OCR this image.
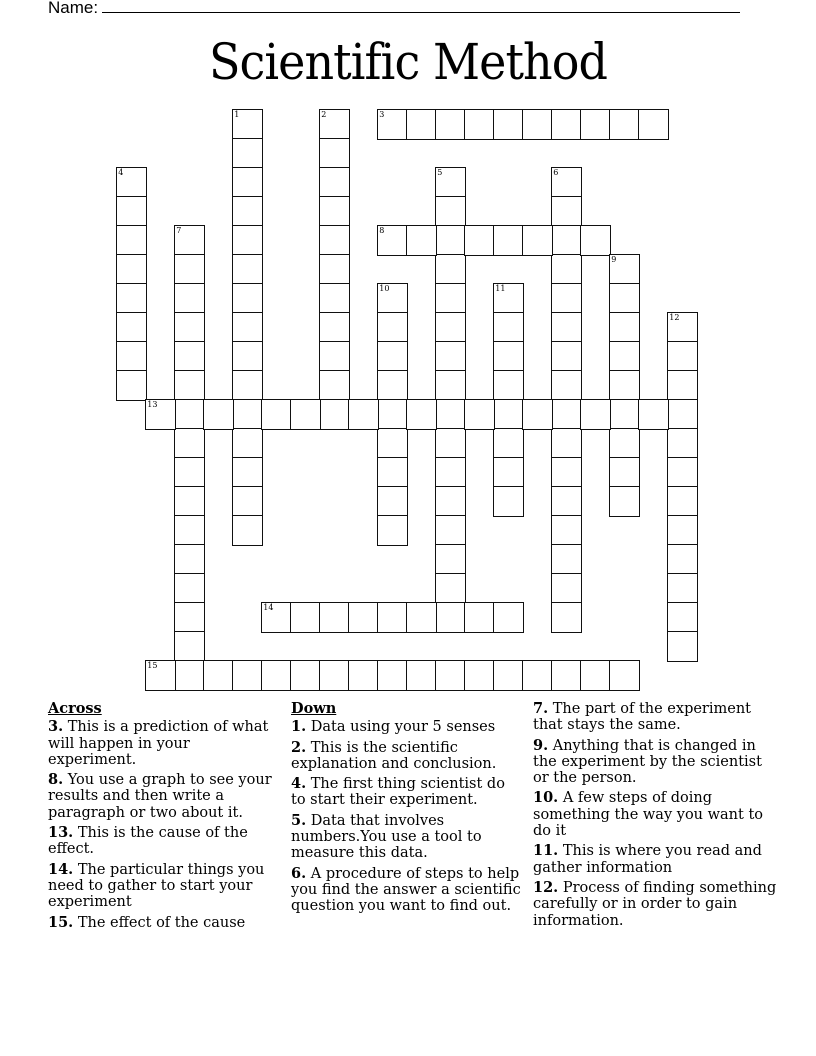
Name:
Scientific Method
1	2	3
4	5	6
7	8
9
10	11
12
13
14
15
Across
3. This is a prediction of what will happen in your experiment.
8. You use a graph to see your results and then write a paragraph or two about it.
13. This is the cause of the effect.
14. The particular things you need to gather to start your experiment
15. The effect of the cause
Down
1. Data using your 5 senses
2. This is the scientific explanation and conclusion.
4. The first thing scientist do to start their experiment.
5. Data that involves numbers.You use a tool to measure this data.
6. A procedure of steps to help you find the answer a scientific question you want to find out.
7. The part of the experiment that stays the same.
9. Anything that is changed in the experiment by the scientist or the person.
10. A few steps of doing something the way you want to do it
11. This is where you read and gather information
12. Process of finding something carefully or in order to gain information.
